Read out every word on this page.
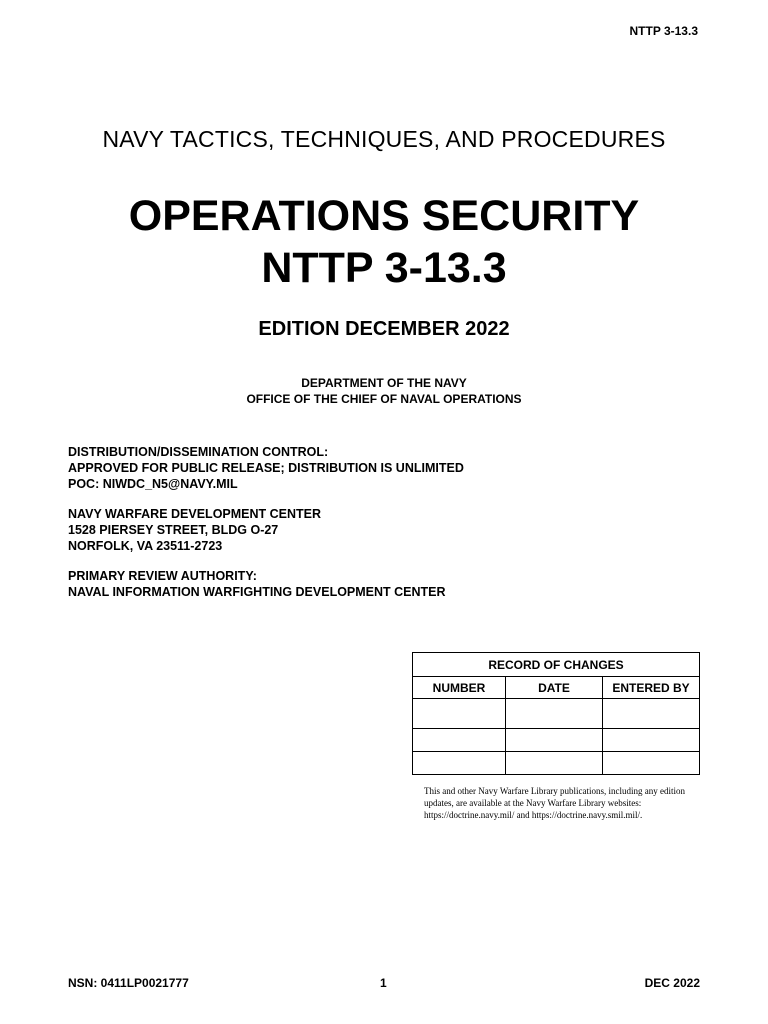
NTTP 3-13.3
NAVY TACTICS, TECHNIQUES, AND PROCEDURES
OPERATIONS SECURITY
NTTP 3-13.3
EDITION DECEMBER 2022
DEPARTMENT OF THE NAVY
OFFICE OF THE CHIEF OF NAVAL OPERATIONS
DISTRIBUTION/DISSEMINATION CONTROL:
APPROVED FOR PUBLIC RELEASE; DISTRIBUTION IS UNLIMITED
POC: NIWDC_N5@NAVY.MIL
NAVY WARFARE DEVELOPMENT CENTER
1528 PIERSEY STREET, BLDG O-27
NORFOLK, VA 23511-2723
PRIMARY REVIEW AUTHORITY:
NAVAL INFORMATION WARFIGHTING DEVELOPMENT CENTER
RECORD OF CHANGES		
NUMBER	DATE	ENTERED BY

This and other Navy Warfare Library publications, including any edition updates, are available at the Navy Warfare Library websites: https://doctrine.navy.mil/ and https://doctrine.navy.smil.mil/.
NSN: 0411LP0021777	1	DEC 2022
